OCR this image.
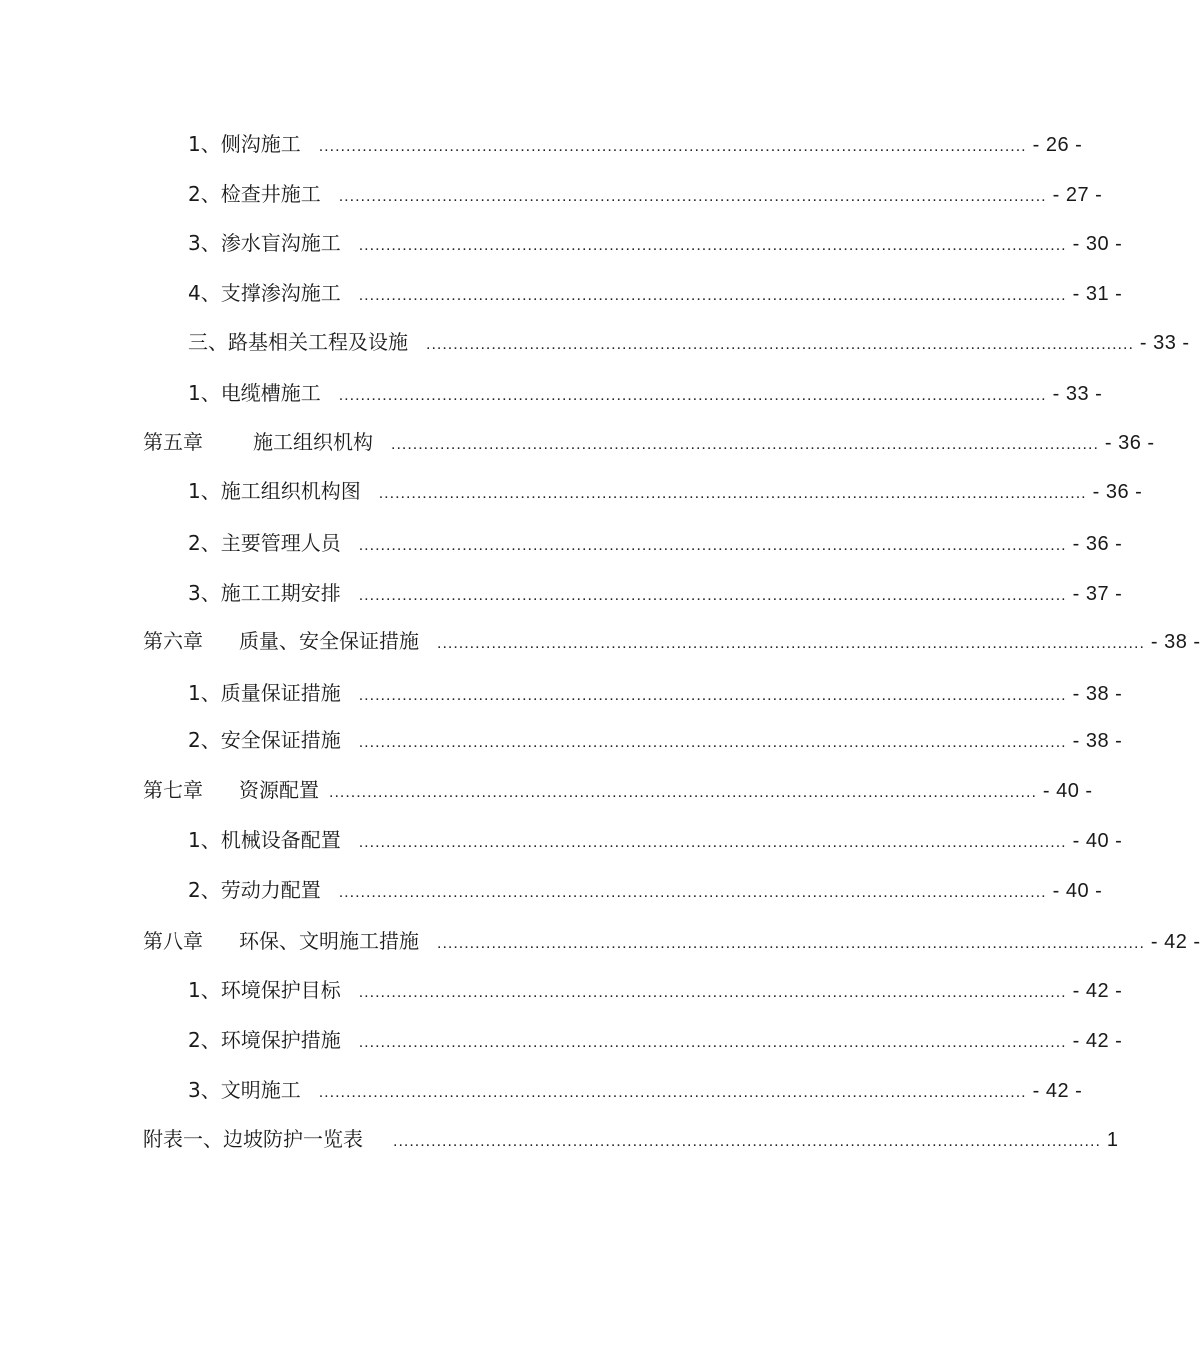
1、侧沟施工 .................................................................................................................................. - 26 -
2、检查井施工 .................................................................................................................................. - 27 -
3、渗水盲沟施工 .................................................................................................................................. - 30 -
4、支撑渗沟施工 .................................................................................................................................. - 31 -
三、路基相关工程及设施 .................................................................................................................................. - 33 -
1、电缆槽施工 .................................................................................................................................. - 33 -
第五章	施工组织机构 .................................................................................................................................. - 36 -
1、施工组织机构图 .................................................................................................................................. - 36 -
2、主要管理人员 .................................................................................................................................. - 36 -
3、施工工期安排 .................................................................................................................................. - 37 -
第六章	质量、安全保证措施 .................................................................................................................................. - 38 -
1、质量保证措施 .................................................................................................................................. - 38 -
2、安全保证措施 .................................................................................................................................. - 38 -
第七章	资源配置 .................................................................................................................................. - 40 -
1、机械设备配置 .................................................................................................................................. - 40 -
2、劳动力配置 .................................................................................................................................. - 40 -
第八章	环保、文明施工措施 .................................................................................................................................. - 42 -
1、环境保护目标 .................................................................................................................................. - 42 -
2、环境保护措施 .................................................................................................................................. - 42 -
3、文明施工 .................................................................................................................................. - 42 -
附表一、边坡防护一览表 .................................................................................................................................. 1
